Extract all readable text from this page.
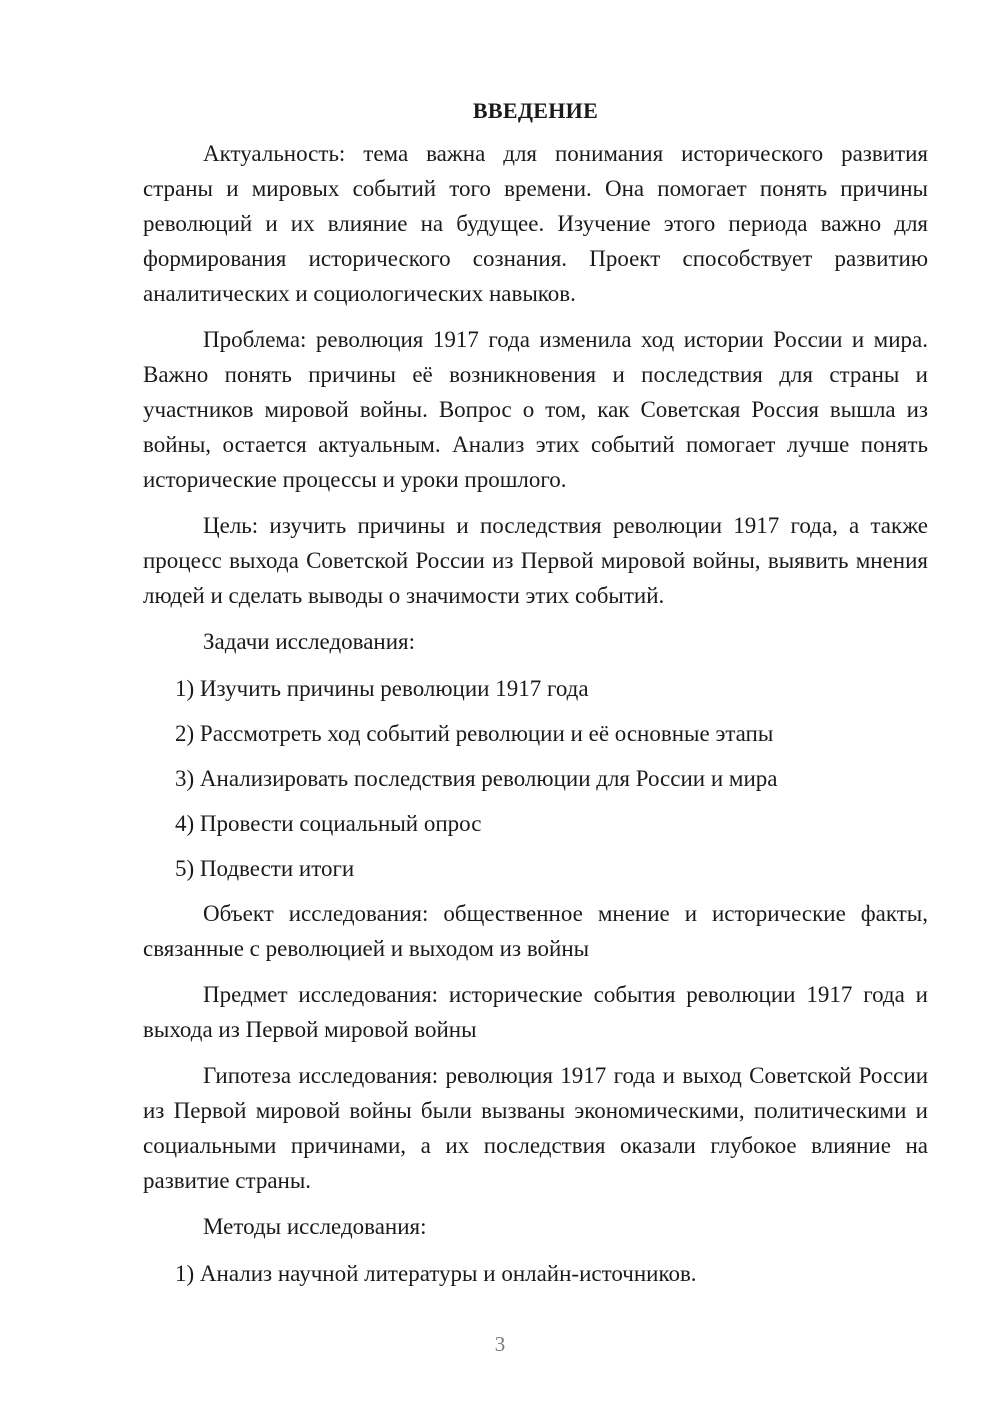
ВВЕДЕНИЕ

Актуальность: тема важна для понимания исторического развития страны и мировых событий того времени. Она помогает понять причины революций и их влияние на будущее. Изучение этого периода важно для формирования исторического сознания. Проект способствует развитию аналитических и социологических навыков.

Проблема: революция 1917 года изменила ход истории России и мира. Важно понять причины её возникновения и последствия для страны и участников мировой войны. Вопрос о том, как Советская Россия вышла из войны, остается актуальным. Анализ этих событий помогает лучше понять исторические процессы и уроки прошлого.

Цель: изучить причины и последствия революции 1917 года, а также процесс выхода Советской России из Первой мировой войны, выявить мнения людей и сделать выводы о значимости этих событий.

Задачи исследования:

1) Изучить причины революции 1917 года
2) Рассмотреть ход событий революции и её основные этапы
3) Анализировать последствия революции для России и мира
4) Провести социальный опрос
5) Подвести итоги

Объект исследования: общественное мнение и исторические факты, связанные с революцией и выходом из войны

Предмет исследования: исторические события революции 1917 года и выхода из Первой мировой войны

Гипотеза исследования: революция 1917 года и выход Советской России из Первой мировой войны были вызваны экономическими, политическими и социальными причинами, а их последствия оказали глубокое влияние на развитие страны.

Методы исследования:

1) Анализ научной литературы и онлайн-источников.
3
